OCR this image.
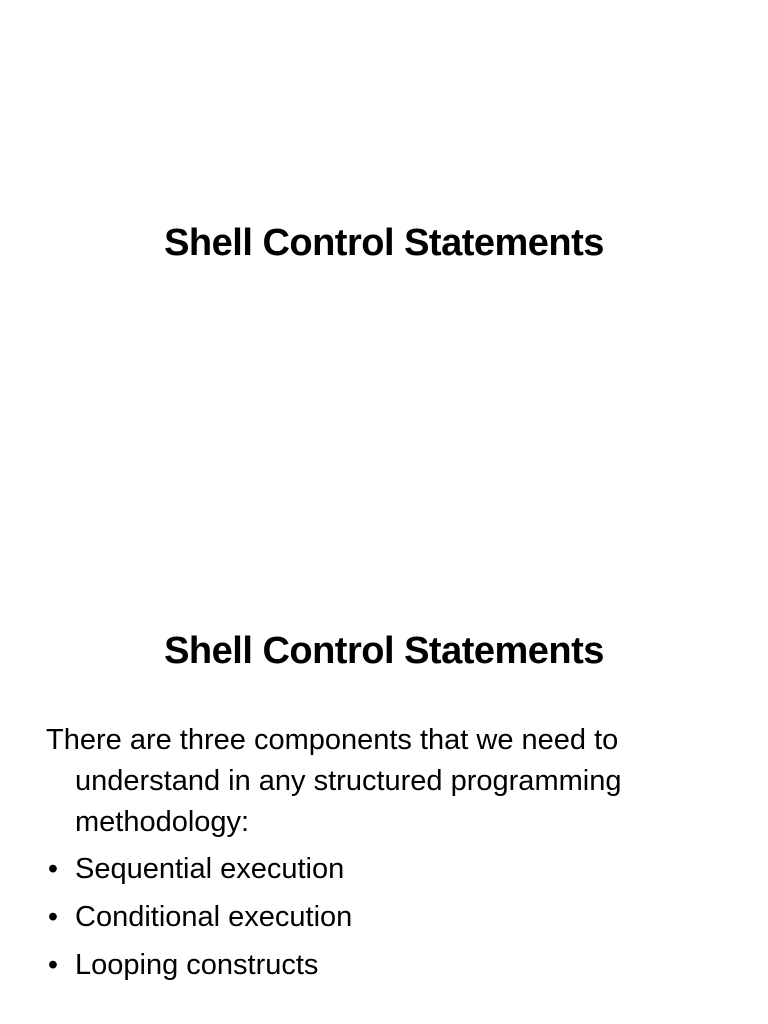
Shell Control Statements
Shell Control Statements

There are three components that we need to understand in any structured programming methodology:

• Sequential execution
• Conditional execution
• Looping constructs
